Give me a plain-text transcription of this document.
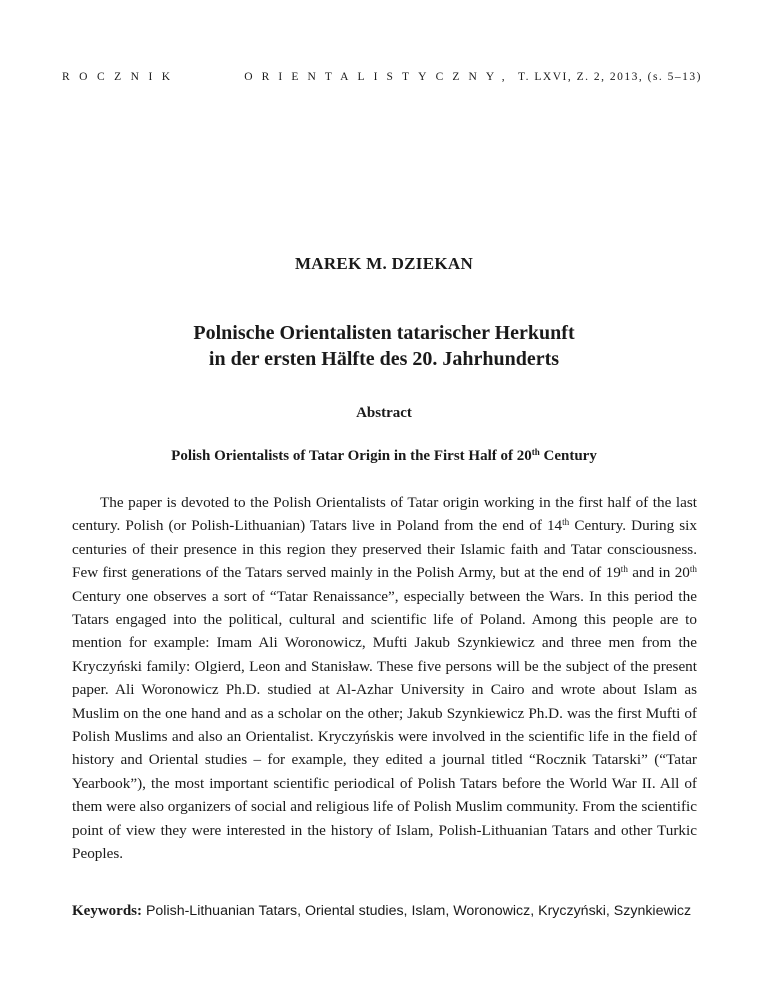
ROCZNIK	ORIENTALISTYCZNY, T. LXVI, Z. 2, 2013, (s. 5–13)
MAREK M. DZIEKAN
Polnische Orientalisten tatarischer Herkunft
in der ersten Hälfte des 20. Jahrhunderts
Abstract
Polish Orientalists of Tatar Origin in the First Half of 20th Century

The paper is devoted to the Polish Orientalists of Tatar origin working in the first half of the last century. Polish (or Polish-Lithuanian) Tatars live in Poland from the end of 14th Century. During six centuries of their presence in this region they preserved their Islamic faith and Tatar consciousness. Few first generations of the Tatars served mainly in the Polish Army, but at the end of 19th and in 20th Century one observes a sort of “Tatar Renaissance”, especially between the Wars. In this period the Tatars engaged into the political, cultural and scientific life of Poland. Among this people are to mention for example: Imam Ali Woronowicz, Mufti Jakub Szynkiewicz and three men from the Kryczyński family: Olgierd, Leon and Stanisław. These five persons will be the subject of the present paper. Ali Woronowicz Ph.D. studied at Al-Azhar University in Cairo and wrote about Islam as Muslim on the one hand and as a scholar on the other; Jakub Szynkiewicz Ph.D. was the first Mufti of Polish Muslims and also an Orientalist. Kryczyńskis were involved in the scientific life in the field of history and Oriental studies – for example, they edited a journal titled “Rocznik Tatarski” (“Tatar Yearbook”), the most important scientific periodical of Polish Tatars before the World War II. All of them were also organizers of social and religious life of Polish Muslim community. From the scientific point of view they were interested in the history of Islam, Polish-Lithuanian Tatars and other Turkic Peoples.

Keywords: Polish-Lithuanian Tatars, Oriental studies, Islam, Woronowicz, Kryczyński, Szynkiewicz
